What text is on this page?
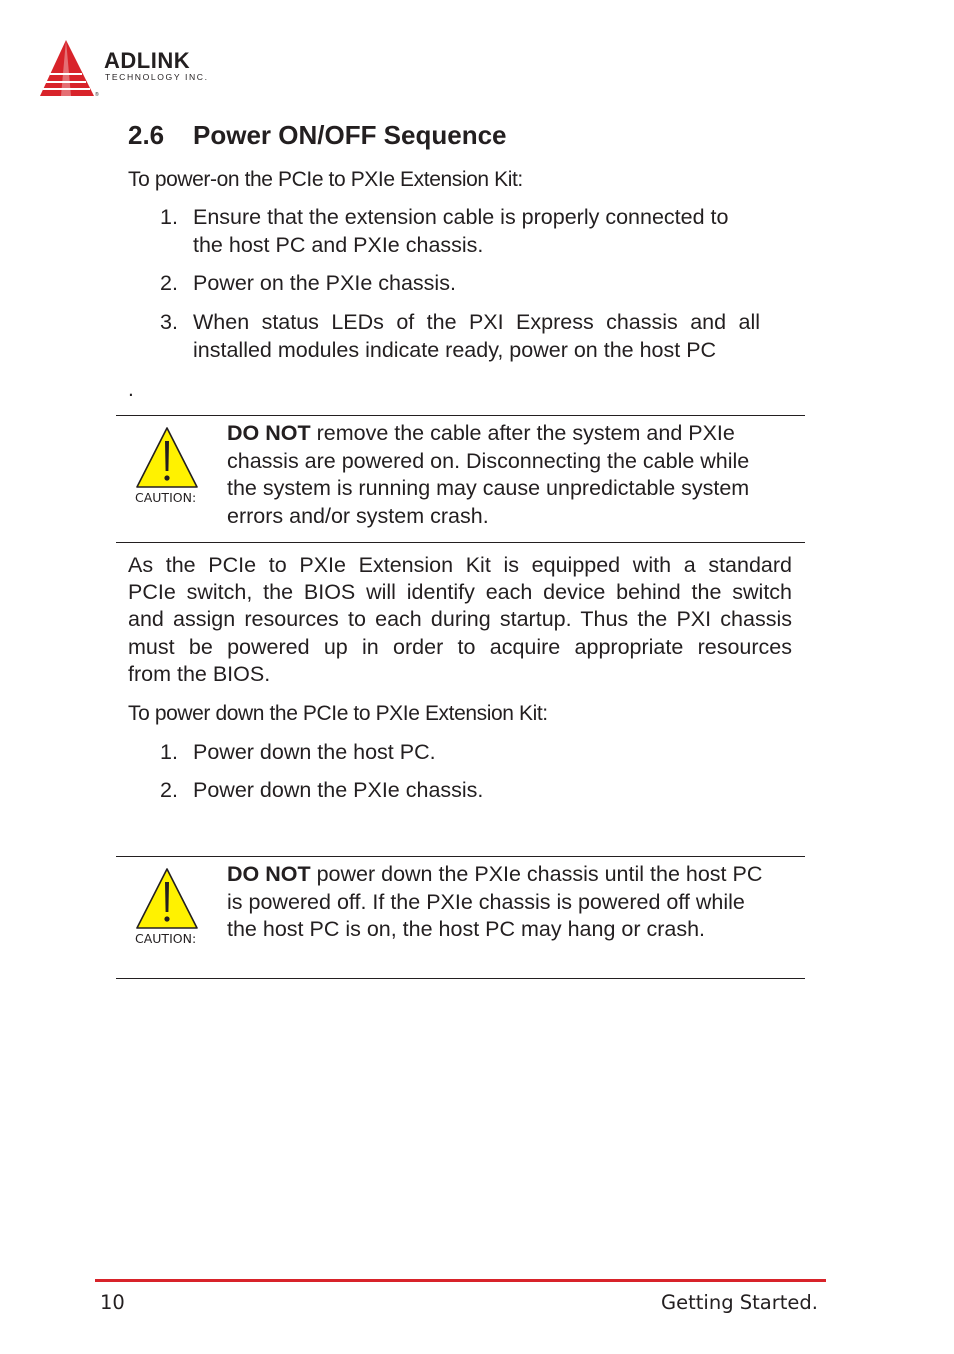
ADLINK
TECHNOLOGY INC.
®
2.6 Power ON/OFF Sequence
To power-on the PCIe to PXIe Extension Kit:
1. Ensure that the extension cable is properly connected to
the host PC and PXIe chassis.
2. Power on the PXIe chassis.
3. When status LEDs of the PXI Express chassis and all
installed modules indicate ready, power on the host PC
.
CAUTION:
DO NOT remove the cable after the system and PXIe
chassis are powered on. Disconnecting the cable while
the system is running may cause unpredictable system
errors and/or system crash.
As the PCIe to PXIe Extension Kit is equipped with a standard
PCIe switch, the BIOS will identify each device behind the switch
and assign resources to each during startup. Thus the PXI chassis
must be powered up in order to acquire appropriate resources
from the BIOS.
To power down the PCIe to PXIe Extension Kit:
1. Power down the host PC.
2. Power down the PXIe chassis.
CAUTION:
DO NOT power down the PXIe chassis until the host PC
is powered off. If the PXIe chassis is powered off while
the host PC is on, the host PC may hang or crash.
10	Getting Started.
